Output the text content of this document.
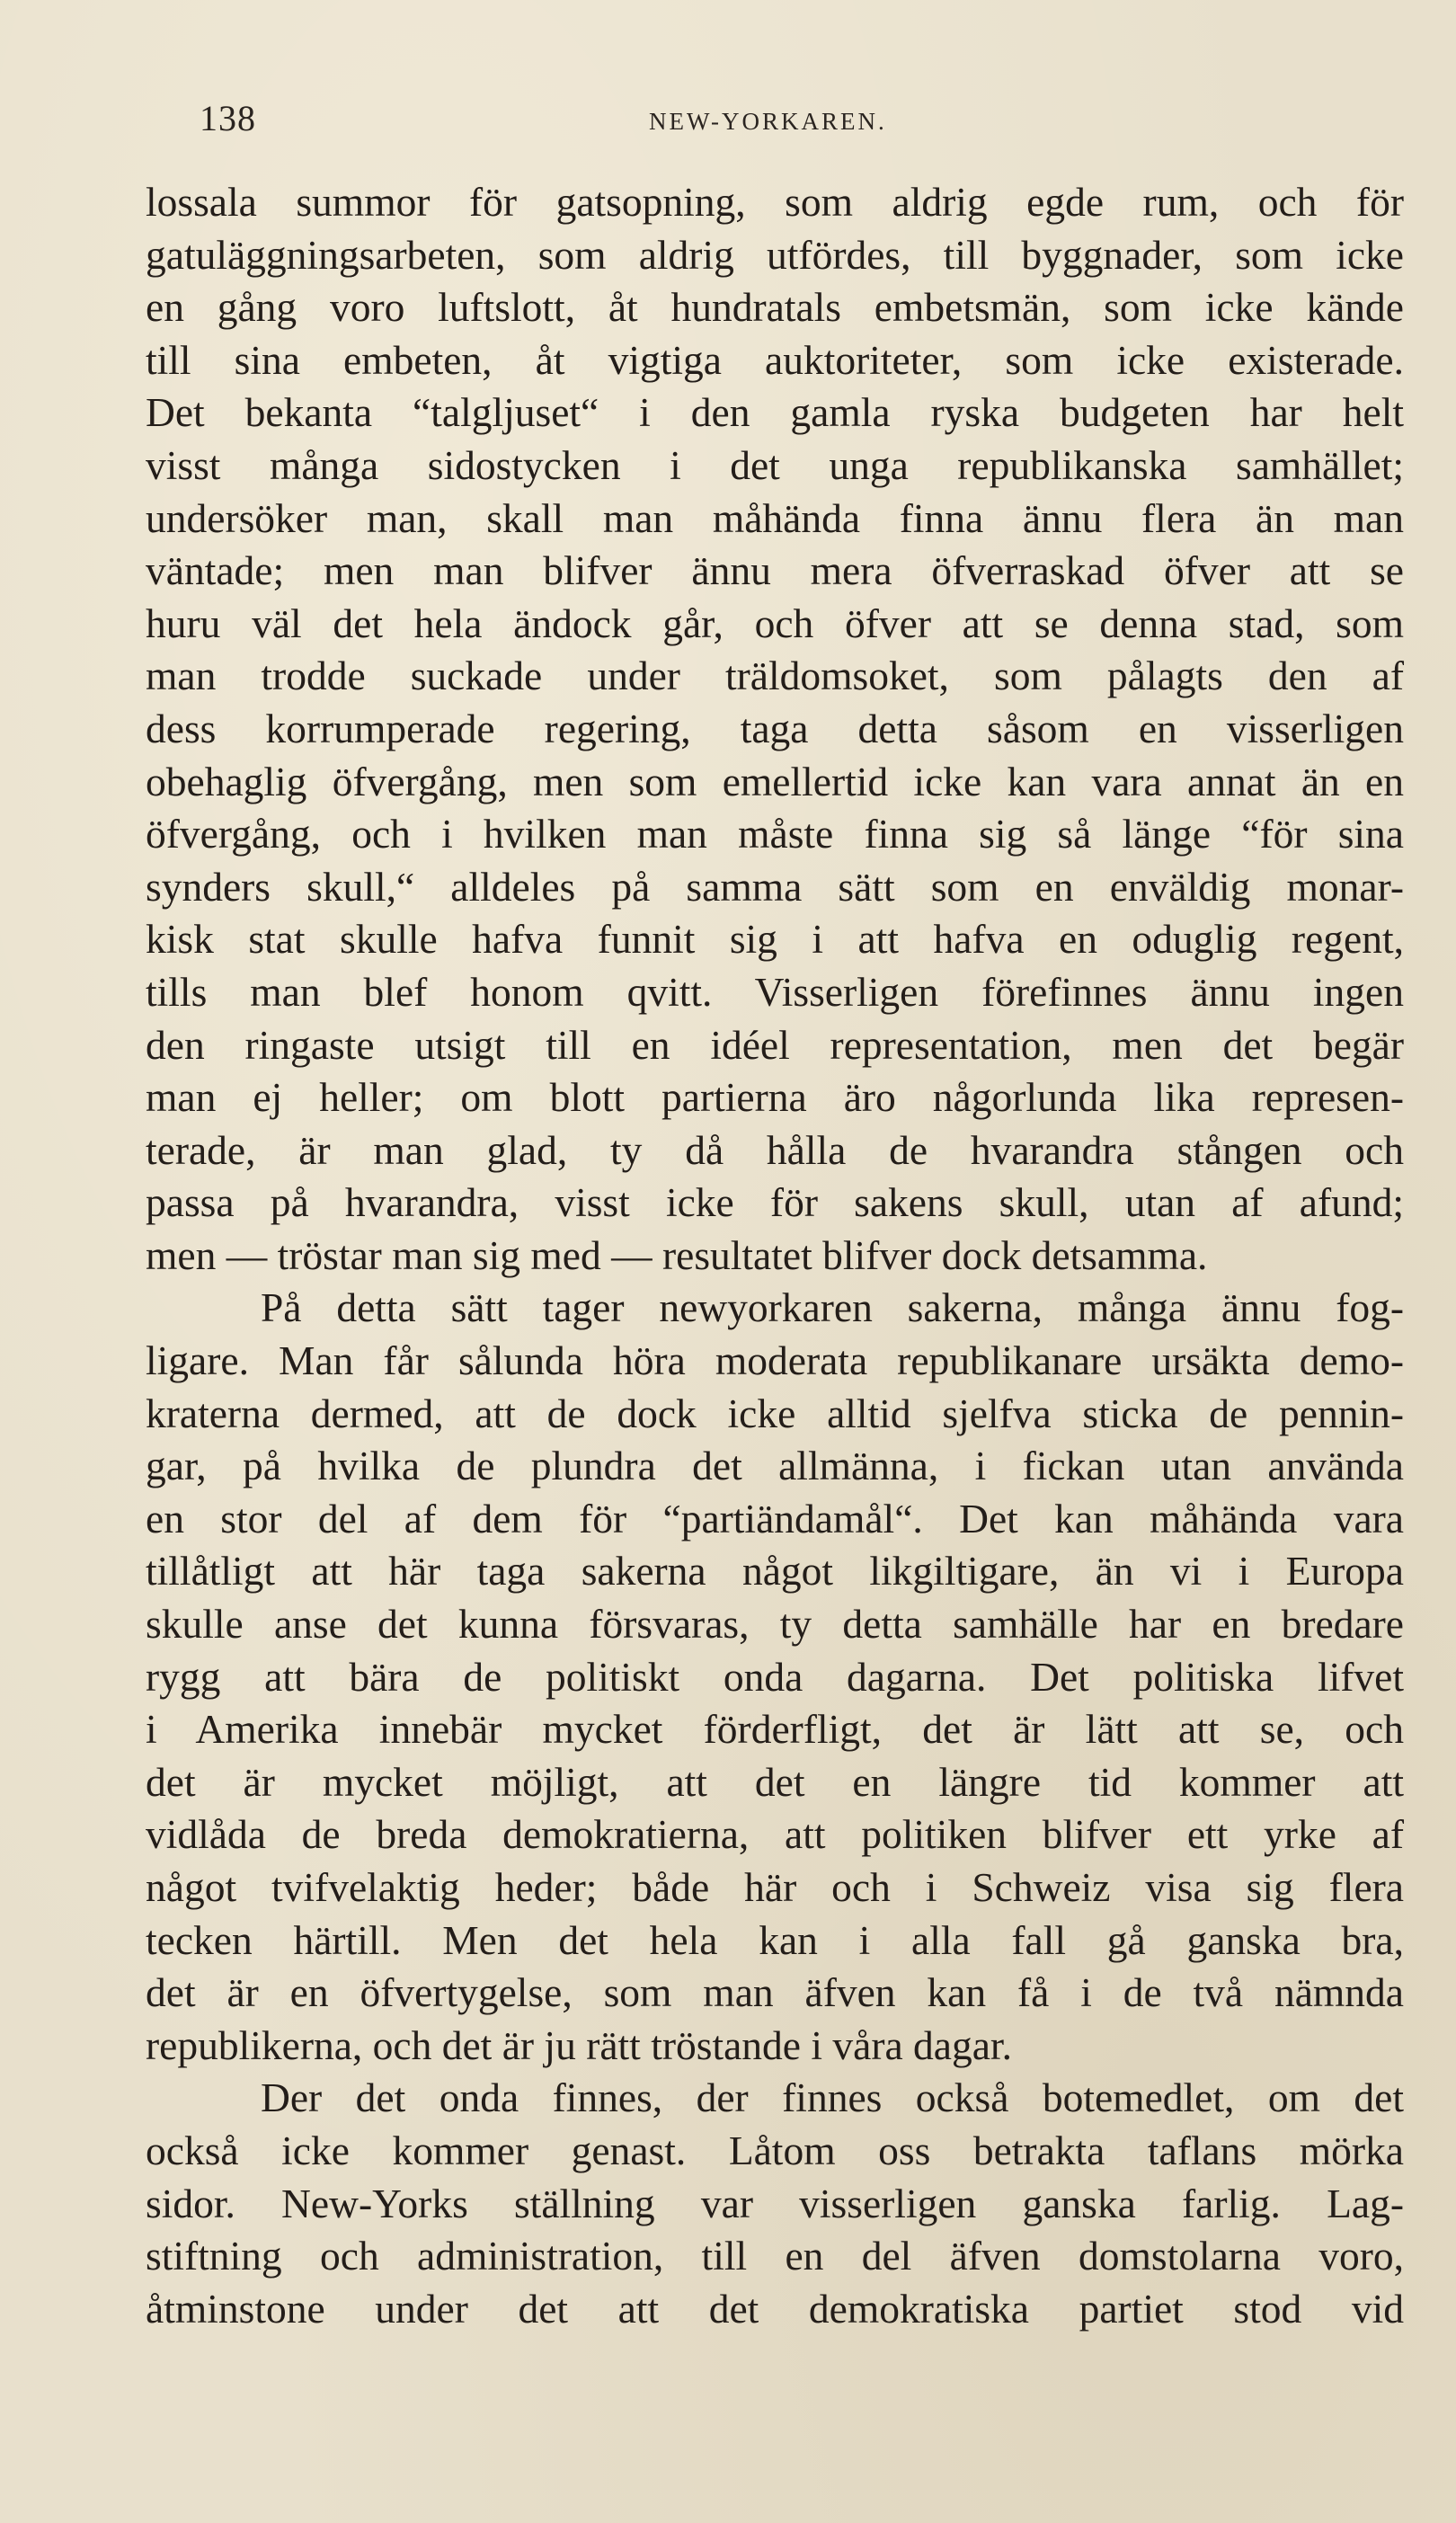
138	NEW-YORKAREN.
lossala summor för gatsopning, som aldrig egde rum, och för
gatuläggningsarbeten, som aldrig utfördes, till byggnader, som icke
en gång voro luftslott, åt hundratals embetsmän, som icke kände
till sina embeten, åt vigtiga auktoriteter, som icke existerade.
Det bekanta “talgljuset“ i den gamla ryska budgeten har helt
visst många sidostycken i det unga republikanska samhället;
undersöker man, skall man måhända finna ännu flera än man
väntade; men man blifver ännu mera öfverraskad öfver att se
huru väl det hela ändock går, och öfver att se denna stad, som
man trodde suckade under träldomsoket, som pålagts den af
dess korrumperade regering, taga detta såsom en visserligen
obehaglig öfvergång, men som emellertid icke kan vara annat än en
öfvergång, och i hvilken man måste finna sig så länge “för sina
synders skull,“ alldeles på samma sätt som en enväldig monar-
kisk stat skulle hafva funnit sig i att hafva en oduglig regent,
tills man blef honom qvitt. Visserligen förefinnes ännu ingen
den ringaste utsigt till en idéel representation, men det begär
man ej heller; om blott partierna äro någorlunda lika represen-
terade, är man glad, ty då hålla de hvarandra stången och
passa på hvarandra, visst icke för sakens skull, utan af afund;
men — tröstar man sig med — resultatet blifver dock detsamma.
På detta sätt tager newyorkaren sakerna, många ännu fog-
ligare. Man får sålunda höra moderata republikanare ursäkta demo-
kraterna dermed, att de dock icke alltid sjelfva sticka de pennin-
gar, på hvilka de plundra det allmänna, i fickan utan använda
en stor del af dem för “partiändamål“. Det kan måhända vara
tillåtligt att här taga sakerna något likgiltigare, än vi i Europa
skulle anse det kunna försvaras, ty detta samhälle har en bredare
rygg att bära de politiskt onda dagarna. Det politiska lifvet
i Amerika innebär mycket förderfligt, det är lätt att se, och
det är mycket möjligt, att det en längre tid kommer att
vidlåda de breda demokratierna, att politiken blifver ett yrke af
något tvifvelaktig heder; både här och i Schweiz visa sig flera
tecken härtill. Men det hela kan i alla fall gå ganska bra,
det är en öfvertygelse, som man äfven kan få i de två nämnda
republikerna, och det är ju rätt tröstande i våra dagar.
Der det onda finnes, der finnes också botemedlet, om det
också icke kommer genast. Låtom oss betrakta taflans mörka
sidor. New-Yorks ställning var visserligen ganska farlig. Lag-
stiftning och administration, till en del äfven domstolarna voro,
åtminstone under det att det demokratiska partiet stod vid
